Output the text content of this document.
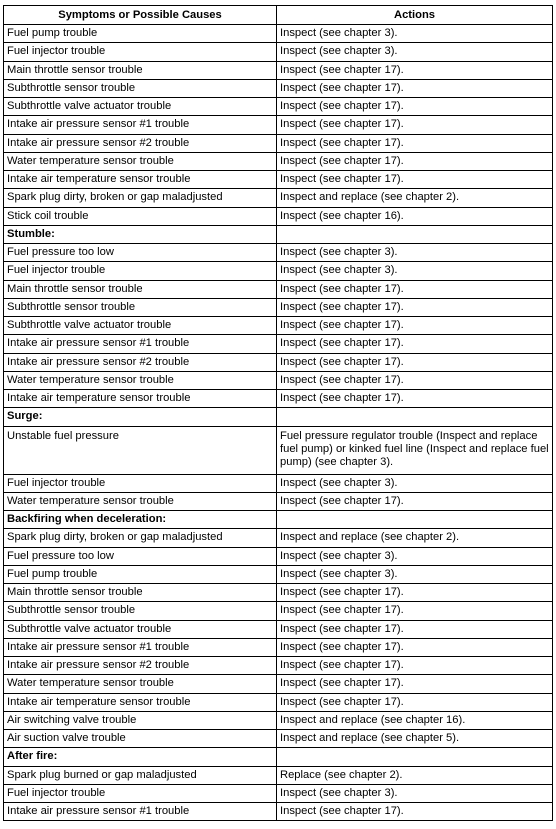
Symptoms or Possible Causes	Actions
Fuel pump trouble	Inspect (see chapter 3).
Fuel injector trouble	Inspect (see chapter 3).
Main throttle sensor trouble	Inspect (see chapter 17).
Subthrottle sensor trouble	Inspect (see chapter 17).
Subthrottle valve actuator trouble	Inspect (see chapter 17).
Intake air pressure sensor #1 trouble	Inspect (see chapter 17).
Intake air pressure sensor #2 trouble	Inspect (see chapter 17).
Water temperature sensor trouble	Inspect (see chapter 17).
Intake air temperature sensor trouble	Inspect (see chapter 17).
Spark plug dirty, broken or gap maladjusted	Inspect and replace (see chapter 2).
Stick coil trouble	Inspect (see chapter 16).
Stumble:	
Fuel pressure too low	Inspect (see chapter 3).
Fuel injector trouble	Inspect (see chapter 3).
Main throttle sensor trouble	Inspect (see chapter 17).
Subthrottle sensor trouble	Inspect (see chapter 17).
Subthrottle valve actuator trouble	Inspect (see chapter 17).
Intake air pressure sensor #1 trouble	Inspect (see chapter 17).
Intake air pressure sensor #2 trouble	Inspect (see chapter 17).
Water temperature sensor trouble	Inspect (see chapter 17).
Intake air temperature sensor trouble	Inspect (see chapter 17).
Surge:	
Unstable fuel pressure	Fuel pressure regulator trouble (Inspect and replace fuel pump) or kinked fuel line (Inspect and replace fuel pump) (see chapter 3).
Fuel injector trouble	Inspect (see chapter 3).
Water temperature sensor trouble	Inspect (see chapter 17).
Backfiring when deceleration:	
Spark plug dirty, broken or gap maladjusted	Inspect and replace (see chapter 2).
Fuel pressure too low	Inspect (see chapter 3).
Fuel pump trouble	Inspect (see chapter 3).
Main throttle sensor trouble	Inspect (see chapter 17).
Subthrottle sensor trouble	Inspect (see chapter 17).
Subthrottle valve actuator trouble	Inspect (see chapter 17).
Intake air pressure sensor #1 trouble	Inspect (see chapter 17).
Intake air pressure sensor #2 trouble	Inspect (see chapter 17).
Water temperature sensor trouble	Inspect (see chapter 17).
Intake air temperature sensor trouble	Inspect (see chapter 17).
Air switching valve trouble	Inspect and replace (see chapter 16).
Air suction valve trouble	Inspect and replace (see chapter 5).
After fire:	
Spark plug burned or gap maladjusted	Replace (see chapter 2).
Fuel injector trouble	Inspect (see chapter 3).
Intake air pressure sensor #1 trouble	Inspect (see chapter 17).
